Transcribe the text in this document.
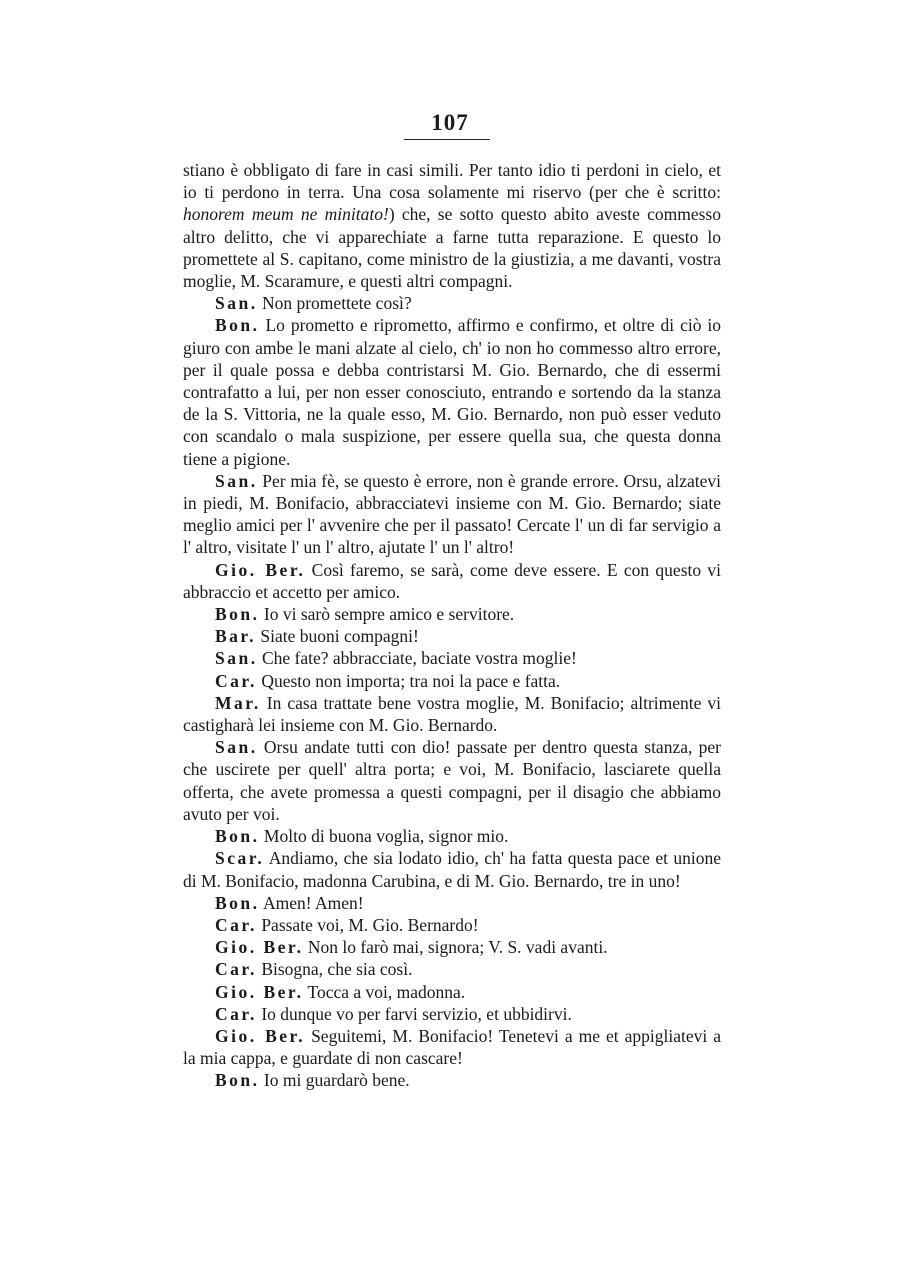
107

stiano è obbligato di fare in casi simili. Per tanto idio ti perdoni in cielo, et io ti perdono in terra. Una cosa solamente mi riservo (per che è scritto: honorem meum ne minitato!) che, se sotto questo abito aveste commesso altro delitto, che vi apparechiate a farne tutta reparazione. E questo lo promettete al S. capitano, come ministro de la giustizia, a me davanti, vostra moglie, M. Scaramure, e questi altri compagni.

San. Non promettete così?

Bon. Lo prometto e riprometto, affirmo e confirmo, et oltre di ciò io giuro con ambe le mani alzate al cielo, ch' io non ho commesso altro errore, per il quale possa e debba contristarsi M. Gio. Bernardo, che di essermi contrafatto a lui, per non esser conosciuto, entrando e sortendo da la stanza de la S. Vittoria, ne la quale esso, M. Gio. Bernardo, non può esser veduto con scandalo o mala suspizione, per essere quella sua, che questa donna tiene a pigione.

San. Per mia fè, se questo è errore, non è grande errore. Orsu, alzatevi in piedi, M. Bonifacio, abbracciatevi insieme con M. Gio. Bernardo; siate meglio amici per l' avvenire che per il passato! Cercate l' un di far servigio a l' altro, visitate l' un l' altro, ajutate l' un l' altro!

Gio. Ber. Così faremo, se sarà, come deve essere. E con questo vi abbraccio et accetto per amico.

Bon. Io vi sarò sempre amico e servitore.

Bar. Siate buoni compagni!

San. Che fate? abbracciate, baciate vostra moglie!

Car. Questo non importa; tra noi la pace e fatta.

Mar. In casa trattate bene vostra moglie, M. Bonifacio; altrimente vi castigharà lei insieme con M. Gio. Bernardo.

San. Orsu andate tutti con dio! passate per dentro questa stanza, per che uscirete per quell' altra porta; e voi, M. Bonifacio, lasciarete quella offerta, che avete promessa a questi compagni, per il disagio che abbiamo avuto per voi.

Bon. Molto di buona voglia, signor mio.

Scar. Andiamo, che sia lodato idio, ch' ha fatta questa pace et unione di M. Bonifacio, madonna Carubina, e di M. Gio. Bernardo, tre in uno!

Bon. Amen! Amen!

Car. Passate voi, M. Gio. Bernardo!

Gio. Ber. Non lo farò mai, signora; V. S. vadi avanti.

Car. Bisogna, che sia così.

Gio. Ber. Tocca a voi, madonna.

Car. Io dunque vo per farvi servizio, et ubbidirvi.

Gio. Ber. Seguitemi, M. Bonifacio! Tenetevi a me et appigliatevi a la mia cappa, e guardate di non cascare!

Bon. Io mi guardarò bene.
